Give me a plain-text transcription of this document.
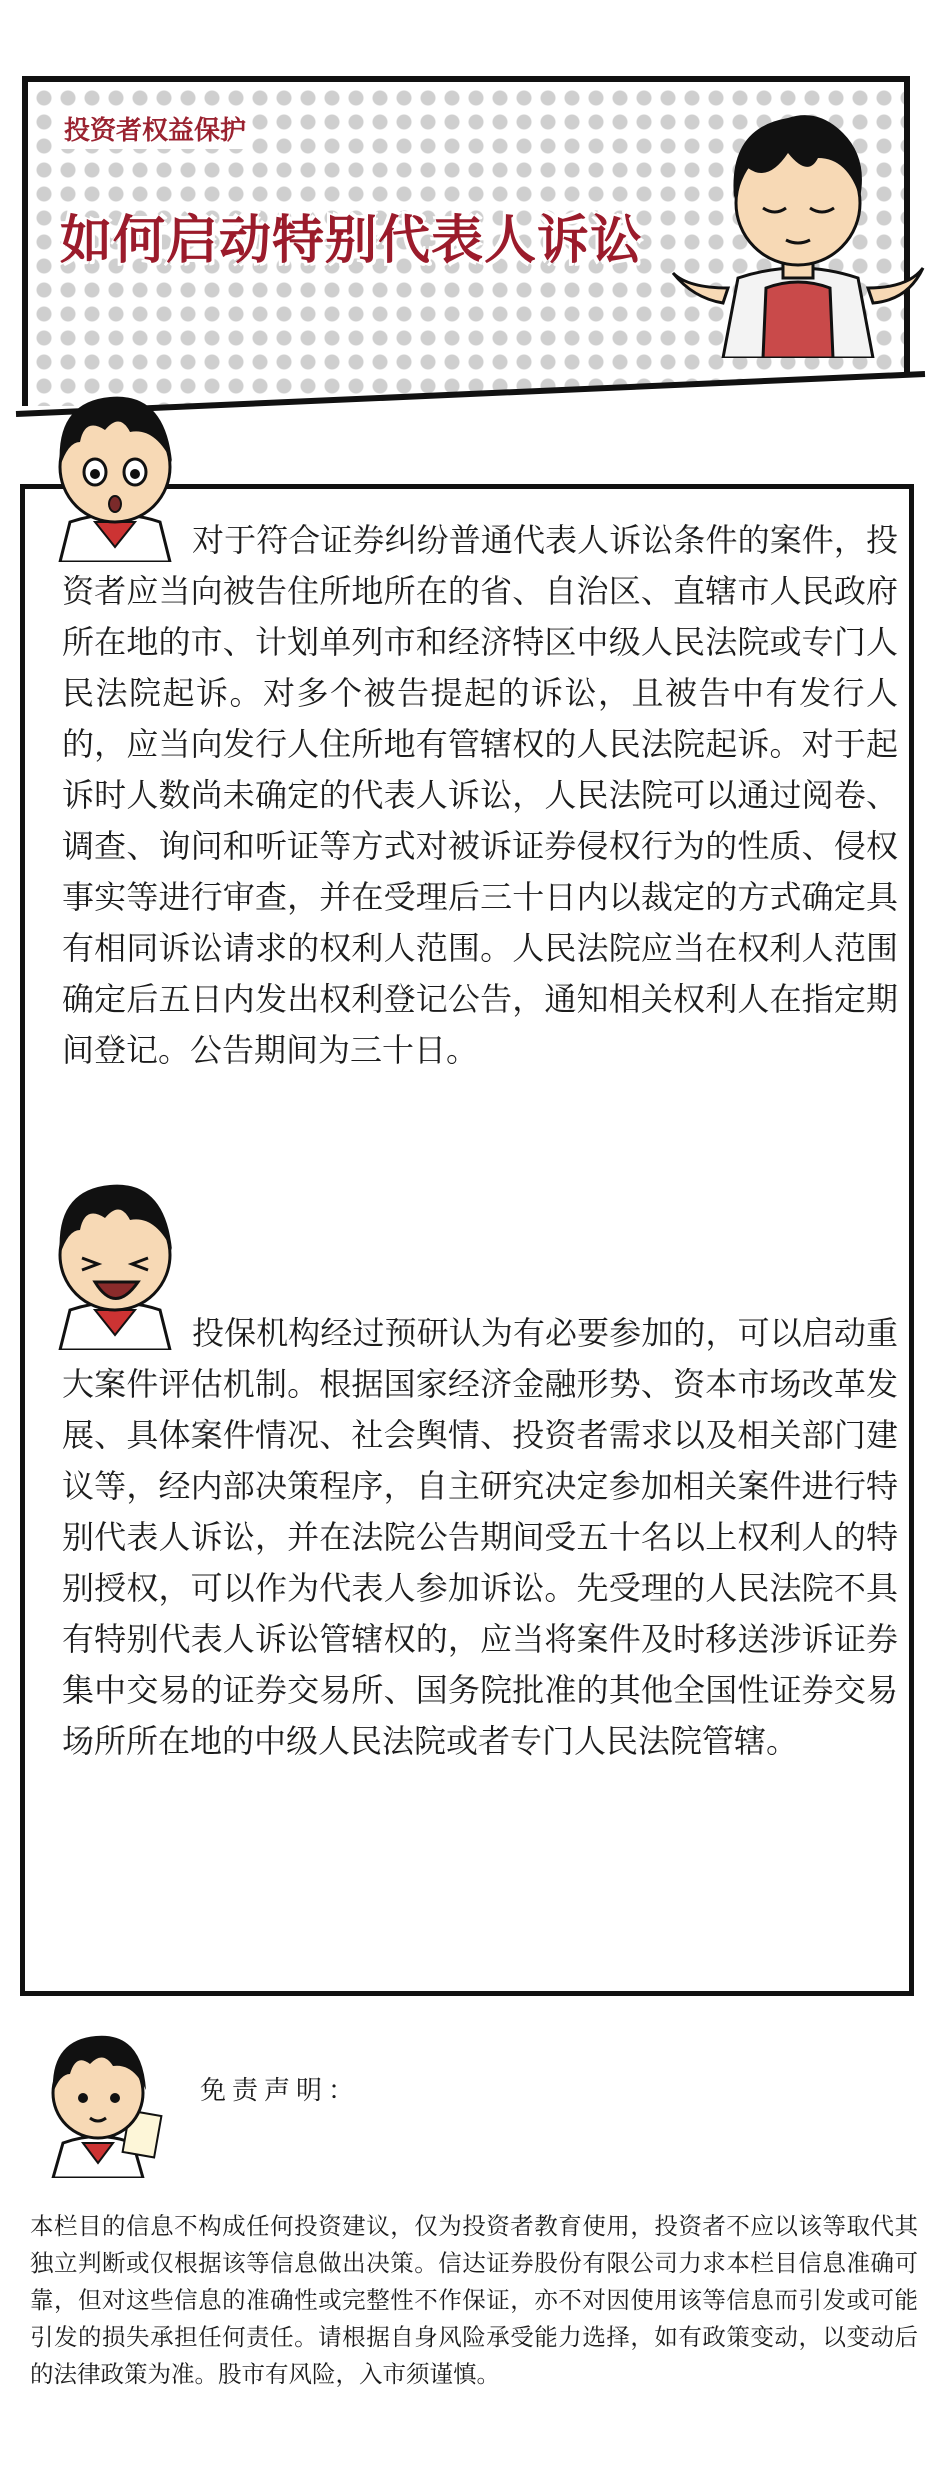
投资者权益保护
如何启动特别代表人诉讼
对于符合证券纠纷普通代表人诉讼条件的案件，投资者应当向被告住所地所在的省、自治区、直辖市人民政府所在地的市、计划单列市和经济特区中级人民法院或专门人民法院起诉。对多个被告提起的诉讼，且被告中有发行人的，应当向发行人住所地有管辖权的人民法院起诉。对于起诉时人数尚未确定的代表人诉讼，人民法院可以通过阅卷、调查、询问和听证等方式对被诉证券侵权行为的性质、侵权事实等进行审查，并在受理后三十日内以裁定的方式确定具有相同诉讼请求的权利人范围。人民法院应当在权利人范围确定后五日内发出权利登记公告，通知相关权利人在指定期间登记。公告期间为三十日。
投保机构经过预研认为有必要参加的，可以启动重大案件评估机制。根据国家经济金融形势、资本市场改革发展、具体案件情况、社会舆情、投资者需求以及相关部门建议等，经内部决策程序，自主研究决定参加相关案件进行特别代表人诉讼，并在法院公告期间受五十名以上权利人的特别授权，可以作为代表人参加诉讼。先受理的人民法院不具有特别代表人诉讼管辖权的，应当将案件及时移送涉诉证券集中交易的证券交易所、国务院批准的其他全国性证券交易场所所在地的中级人民法院或者专门人民法院管辖。
免责声明：
本栏目的信息不构成任何投资建议，仅为投资者教育使用，投资者不应以该等取代其独立判断或仅根据该等信息做出决策。信达证券股份有限公司力求本栏目信息准确可靠，但对这些信息的准确性或完整性不作保证，亦不对因使用该等信息而引发或可能引发的损失承担任何责任。请根据自身风险承受能力选择，如有政策变动，以变动后的法律政策为准。股市有风险，入市须谨慎。
